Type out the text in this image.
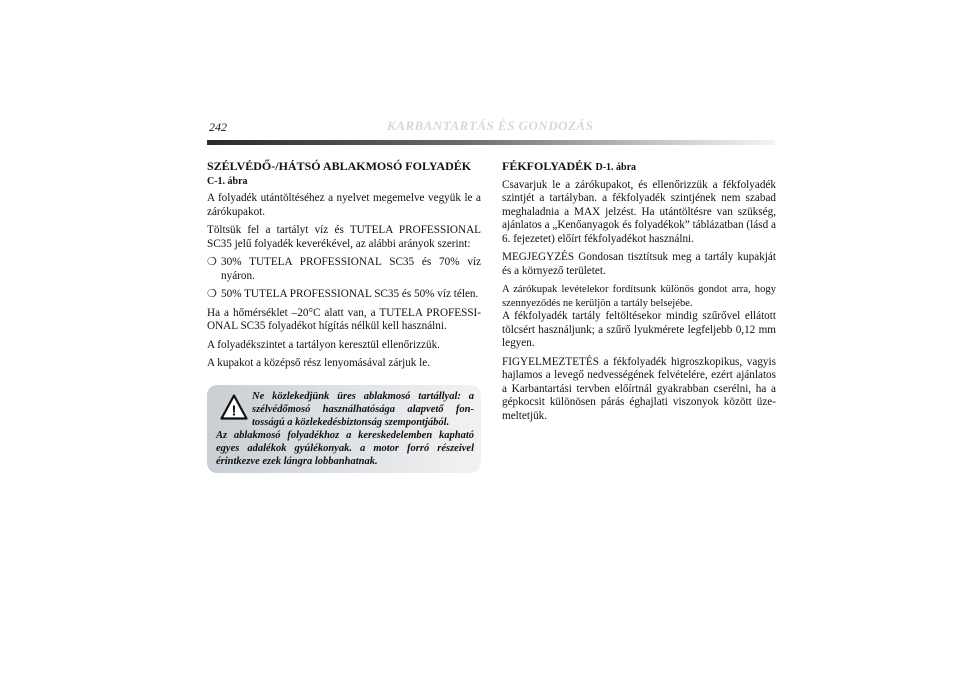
242	KARBANTARTÁS ÉS GONDOZÁS
SZÉLVÉDŐ-/HÁTSÓ ABLAKMOSÓ FOLYADÉK
C-1. ábra

A folyadék utántöltéséhez a nyelvet megemelve vegyük le a zárókupakot.

Töltsük fel a tartályt víz és TUTELA PROFESSIONAL SC35 jelű folyadék keverékével, az alábbi arányok szerint:

❍ 30% TUTELA PROFESSIONAL SC35 és 70% víz nyáron.
❍ 50% TUTELA PROFESSIONAL SC35 és 50% víz télen.

Ha a hőmérséklet –20°C alatt van, a TUTELA PROFESSI-ONAL SC35 folyadékot hígítás nélkül kell használni.

A folyadékszintet a tartályon keresztül ellenőrizzük.

A kupakot a középső rész lenyomásával zárjuk le.

!
Ne közlekedjünk üres ablakmosó tartállyal: a szélvédőmosó használhatósága alapvető fon-tosságú a közlekedésbiztonság szempontjából.
Az ablakmosó folyadékhoz a kereskedelemben kapható egyes adalékok gyúlékonyak. a motor forró részeivel érintkezve ezek lángra lobbanhatnak.
FÉKFOLYADÉK D-1. ábra

Csavarjuk le a zárókupakot, és ellenőrizzük a fékfolyadék szintjét a tartályban. a fékfolyadék szintjének nem szabad meghaladnia a MAX jelzést. Ha utántöltésre van szükség, ajánlatos a „Kenőanyagok és folyadékok” táblázatban (lásd a 6. fejezetet) előírt fékfolyadékot használni.

MEGJEGYZÉS Gondosan tisztítsuk meg a tartály kupakját és a környező területet.

A zárókupak levételekor fordítsunk különös gondot arra, hogy szennyeződés ne kerüljön a tartály belsejébe.

A fékfolyadék tartály feltöltésekor mindig szűrővel ellátott tölcsért használjunk; a szűrő lyukmérete legfeljebb 0,12 mm legyen.

FIGYELMEZTETÉS a fékfolyadék higroszkopikus, vagyis hajlamos a levegő nedvességének felvételére, ezért ajánlatos a Karbantartási tervben előírtnál gyakrabban cserélni, ha a gépkocsit különösen párás éghajlati viszonyok között üze-meltetjük.
